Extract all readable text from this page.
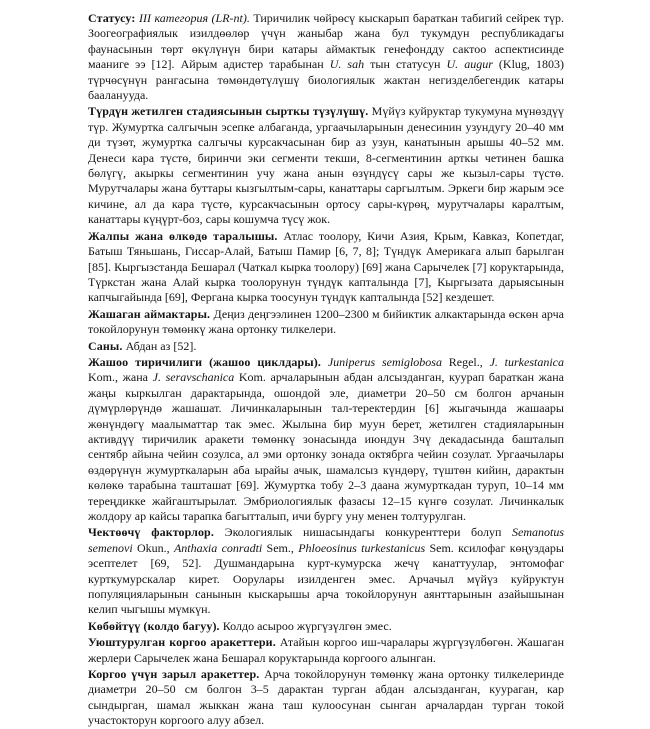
Статусу: III категория (LR-nt). Тиричилик чөйрөсү кыскарып бараткан табигий сейрек түр. Зоогеографиялык изилдөөлөр үчүн жаныбар жана бул тукумдун республикадагы фаунасынын төрт өкүлүнүн бири катары аймактык генефондду сактоо аспектисинде мааниге ээ [12]. Айрым адистер тарабынан U. sah тын статусун U. augur (Klug, 1803) түрчөсүнүн рангасына төмөндөтүлүшү биологиялык жактан негизделбегендик катары бааланууда.

Түрдүн жетилген стадиясынын сырткы түзүлүшү. Мүйүз куйруктар тукумуна мүнөздүү түр. Жумуртка салгычын эсепке албаганда, ургаачыларынын денесинин узундугу 20–40 мм ди түзөт, жумуртка салгычы курсакчасынан бир аз узун, канатынын арышы 40–52 мм. Денеси кара түстө, биринчи эки сегменти текши, 8-сегментинин арткы четинен башка бөлүгү, акыркы сегментинин учу жана анын өзүндүсү сары же кызыл-сары түстө. Мурутчалары жана буттары кызгылтым-сары, канаттары саргылтым. Эркеги бир жарым эсе кичине, ал да кара түстө, курсакчасынын ортосу сары-күрөң, мурутчалары каралтым, канаттары күңүрт-боз, сары кошумча түсү жок.

Жалпы жана өлкөдө таралышы. Атлас тоолору, Кичи Азия, Крым, Кавказ, Копетдаг, Батыш Тяньшань, Гиссар-Алай, Батыш Памир [6, 7, 8]; Түндүк Америкага алып барылган [85]. Кыргызстанда Бешарал (Чаткал кырка тоолору) [69] жана Сарычелек [7] коруктарында, Түркстан жана Алай кырка тоолорунун түндүк капталында [7], Кыргызата дарыясынын капчыгайында [69], Фергана кырка тоосунун түндүк капталында [52] кездешет.

Жашаган аймактары. Деңиз деңгээлинен 1200–2300 м бийиктик алкактарында өскөн арча токойлорунун төмөнкү жана ортонку тилкелери.

Саны. Абдан аз [52].

Жашоо тиричилиги (жашоо циклдары). Juniperus semiglobosa Regel., J. turkestanica Kom., жана J. seravschanica Kom. арчаларынын абдан алсызданган, куурап бараткан жана жаңы кыркылган дарактарында, ошондой эле, диаметри 20–50 см болгон арчанын дүмүрлөрүндө жашашат. Личинкаларынын тал-теректердин [6] жыгачында жашаары жөнүндөгү маалыматтар так эмес. Жылына бир муун берет, жетилген стадияларынын активдүү тиричилик аракети төмөнкү зонасында июндун 3чү декадасында башталып сентябр айына чейин созулса, ал эми ортонку зонада октябрга чейин созулат. Ургаачылары өздөрүнүн жумурткаларын аба ырайы ачык, шамалсыз күндөрү, түштөн кийин, дарактын көлөкө тарабына ташташат [69]. Жумуртка тобу 2–3 даана жумурткадан туруп, 10–14 мм тереңдикке жайгаштырылат. Эмбриологиялык фазасы 12–15 күнгө созулат. Личинкалык жолдору ар кайсы тарапка багытталып, ичи бургу уну менен толтурулган.

Чектөөчү факторлор. Экологиялык нишасындагы конкуренттери болуп Semanotus semenovi Okun., Anthaxia conradti Sem., Phloeosinus turkestanicus Sem. ксилофаг көңуздары эсептелет [69, 52]. Душмандарына курт-кумурска жечү канаттуулар, энтомофаг курткумурскалар кирет. Оорулары изилденген эмес. Арчачыл мүйүз куйруктун популяцияларынын санынын кыскарышы арча токойлорунун аянттарынын азайышынан келип чыгышы мүмкүн.

Көбөйтүү (колдо багуу). Колдо асыроо жүргүзүлгөн эмес.

Уюштурулган коргоо аракеттери. Атайын коргоо иш-чаралары жүргүзүлбөгөн. Жашаган жерлери Сарычелек жана Бешарал коруктарында коргоого алынган.

Коргоо үчүн зарыл аракеттер. Арча токойлорунун төмөнкү жана ортонку тилкелеринде диаметри 20–50 см болгон 3–5 дарактан турган абдан алсызданган, куураган, кар сындырган, шамал жыккан жана таш кулоосунан сынган арчалардан турган токой участокторун коргоого алуу абзел.
